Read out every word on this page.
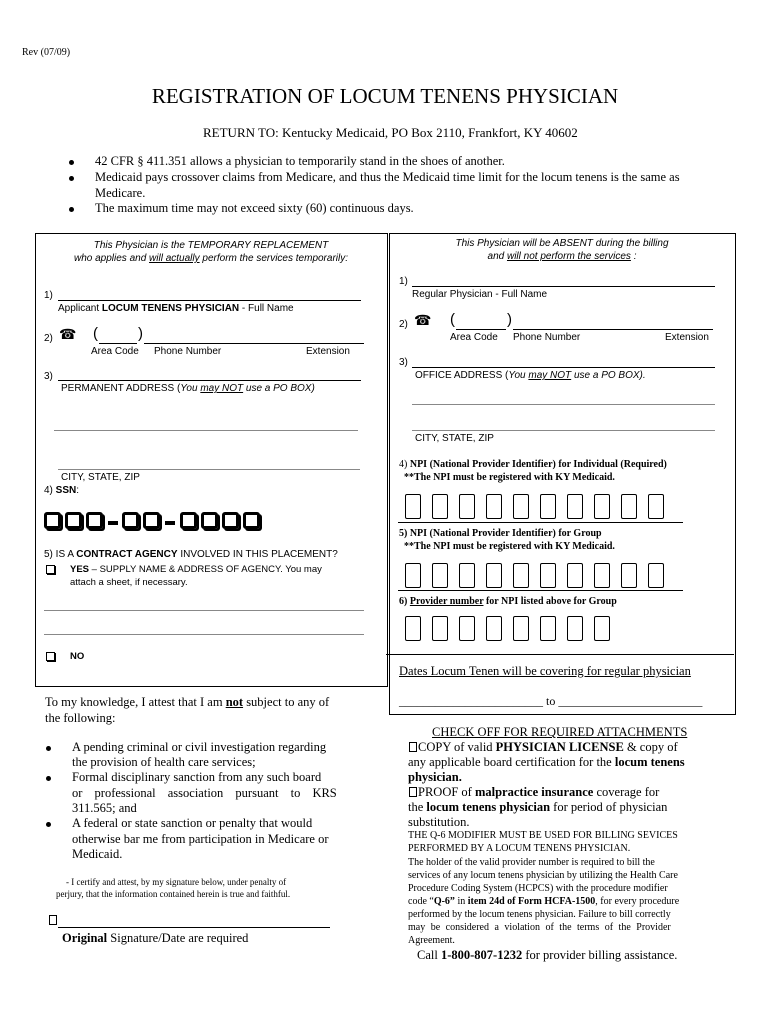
Rev (07/09)
REGISTRATION OF LOCUM TENENS PHYSICIAN
RETURN TO: Kentucky Medicaid, PO Box 2110, Frankfort, KY 40602
42 CFR § 411.351 allows a physician to temporarily stand in the shoes of another.
Medicaid pays crossover claims from Medicare, and thus the Medicaid time limit for the locum tenens is the same as
Medicare.
The maximum time may not exceed sixty (60) continuous days.
This Physician is the TEMPORARY REPLACEMENT
who applies and will actually perform the services temporarily:
1)
Applicant LOCUM TENENS PHYSICIAN - Full Name
2) ☎ (	)
Area Code Phone Number	Extension
3)
PERMANENT ADDRESS (You may NOT use a PO BOX)
CITY, STATE, ZIP
4) SSN:
5) IS A CONTRACT AGENCY INVOLVED IN THIS PLACEMENT?
YES – SUPPLY NAME & ADDRESS OF AGENCY. You may
attach a sheet, if necessary.
NO
This Physician will be ABSENT during the billing
and will not perform the services :
1)
Regular Physician - Full Name
2) ☎ (	)
Area Code Phone Number	Extension
3)
OFFICE ADDRESS (You may NOT use a PO BOX).
CITY, STATE, ZIP
4) NPI (National Provider Identifier) for Individual (Required)
**The NPI must be registered with KY Medicaid.
5) NPI (National Provider Identifier) for Group
**The NPI must be registered with KY Medicaid.
6) Provider number for NPI listed above for Group
Dates Locum Tenen will be covering for regular physician
________________________ to ________________________
To my knowledge, I attest that I am not subject to any of
the following:
A pending criminal or civil investigation regarding
the provision of health care services;
Formal disciplinary sanction from any such board
or professional association pursuant to KRS
311.565; and
A federal or state sanction or penalty that would
otherwise bar me from participation in Medicare or
Medicaid.
- I certify and attest, by my signature below, under penalty of
perjury, that the information contained herein is true and faithful.
Original Signature/Date are required
CHECK OFF FOR REQUIRED ATTACHMENTS
COPY of valid PHYSICIAN LICENSE & copy of
any applicable board certification for the locum tenens
physician.
PROOF of malpractice insurance coverage for
the locum tenens physician for period of physician
substitution.
THE Q-6 MODIFIER MUST BE USED FOR BILLING SEVICES
PERFORMED BY A LOCUM TENENS PHYSICIAN.
The holder of the valid provider number is required to bill the
services of any locum tenens physician by utilizing the Health Care
Procedure Coding System (HCPCS) with the procedure modifier
code “Q-6” in item 24d of Form HCFA-1500, for every procedure
performed by the locum tenens physician. Failure to bill correctly
may be considered a violation of the terms of the Provider
Agreement.
Call 1-800-807-1232 for provider billing assistance.
